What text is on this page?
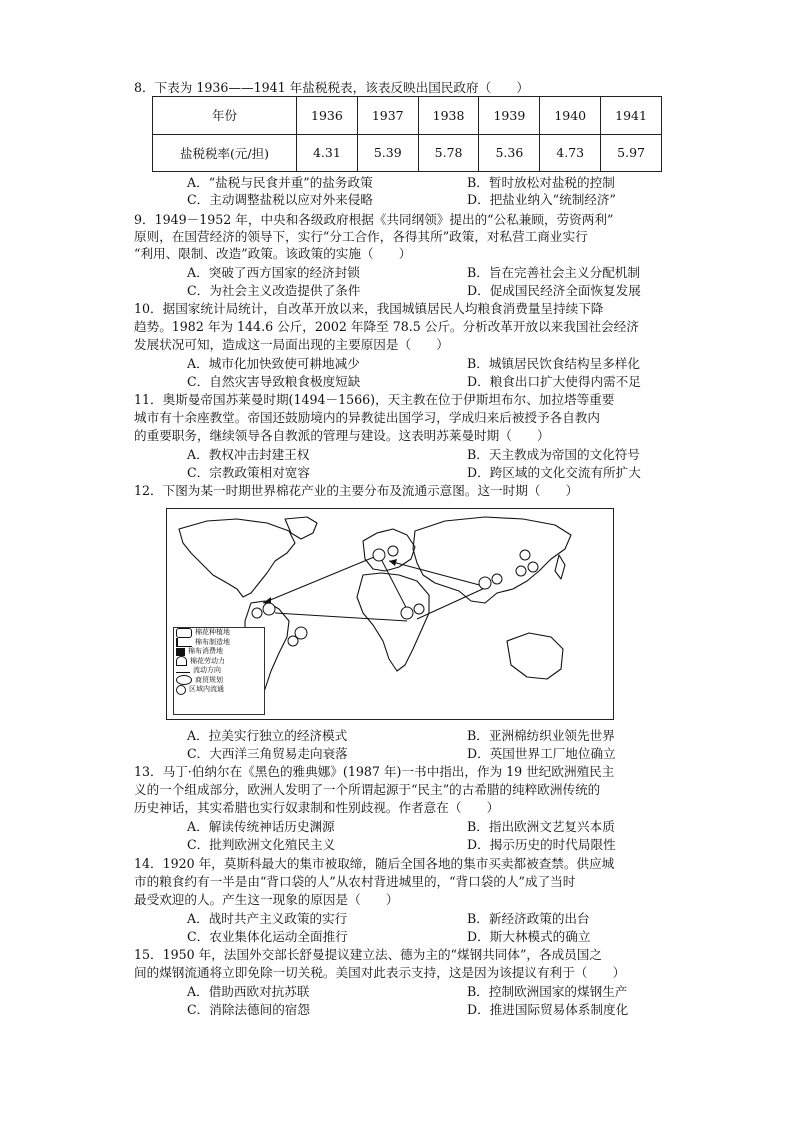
8．下表为 1936——1941 年盐税税表，该表反映出国民政府（　　）
年份	1936	1937	1938	1939	1940	1941
盐税税率(元/担)	4.31	5.39	5.78	5.36	4.73	5.97
A．“盐税与民食并重”的盐务政策	B．暂时放松对盐税的控制
C．主动调整盐税以应对外来侵略	D．把盐业纳入“统制经济”
9．1949－1952 年，中央和各级政府根据《共同纲领》提出的“公私兼顾，劳资两利”
原则，在国营经济的领导下，实行“分工合作，各得其所”政策，对私营工商业实行
“利用、限制、改造”政策。该政策的实施（　　）
A．突破了西方国家的经济封锁	B．旨在完善社会主义分配机制
C．为社会主义改造提供了条件	D．促成国民经济全面恢复发展
10．据国家统计局统计，自改革开放以来，我国城镇居民人均粮食消费量呈持续下降
趋势。1982 年为 144.6 公斤，2002 年降至 78.5 公斤。分析改革开放以来我国社会经济
发展状况可知，造成这一局面出现的主要原因是（　　）
A．城市化加快致使可耕地减少	B．城镇居民饮食结构呈多样化
C．自然灾害导致粮食极度短缺	D．粮食出口扩大使得内需不足
11．奥斯曼帝国苏莱曼时期(1494－1566)，天主教在位于伊斯坦布尔、加拉塔等重要
城市有十余座教堂。帝国还鼓励境内的异教徒出国学习，学成归来后被授予各自教内
的重要职务，继续领导各自教派的管理与建设。这表明苏莱曼时期（　　）
A．教权冲击封建王权	B．天主教成为帝国的文化符号
C．宗教政策相对宽容	D．跨区域的文化交流有所扩大
12．下图为某一时期世界棉花产业的主要分布及流通示意图。这一时期（　　）
棉花种植地
棉布制造地
棉布消费地
棉花劳动力
流动方向
商贸规划
区域内流通
A．拉美实行独立的经济模式	B．亚洲棉纺织业领先世界
C．大西洋三角贸易走向衰落	D．英国世界工厂地位确立
13．马丁·伯纳尔在《黑色的雅典娜》(1987 年)一书中指出，作为 19 世纪欧洲殖民主
义的一个组成部分，欧洲人发明了一个所谓起源于“民主”的古希腊的纯粹欧洲传统的
历史神话，其实希腊也实行奴隶制和性别歧视。作者意在（　　）
A．解读传统神话历史渊源	B．指出欧洲文艺复兴本质
C．批判欧洲文化殖民主义	D．揭示历史的时代局限性
14．1920 年，莫斯科最大的集市被取缔，随后全国各地的集市买卖都被查禁。供应城
市的粮食约有一半是由“背口袋的人”从农村背进城里的，“背口袋的人”成了当时
最受欢迎的人。产生这一现象的原因是（　　）
A．战时共产主义政策的实行	B．新经济政策的出台
C．农业集体化运动全面推行	D．斯大林模式的确立
15．1950 年，法国外交部长舒曼提议建立法、德为主的“煤钢共同体”，各成员国之
间的煤钢流通将立即免除一切关税。美国对此表示支持，这是因为该提议有利于（　　）
A．借助西欧对抗苏联	B．控制欧洲国家的煤钢生产
C．消除法德间的宿怨	D．推进国际贸易体系制度化
